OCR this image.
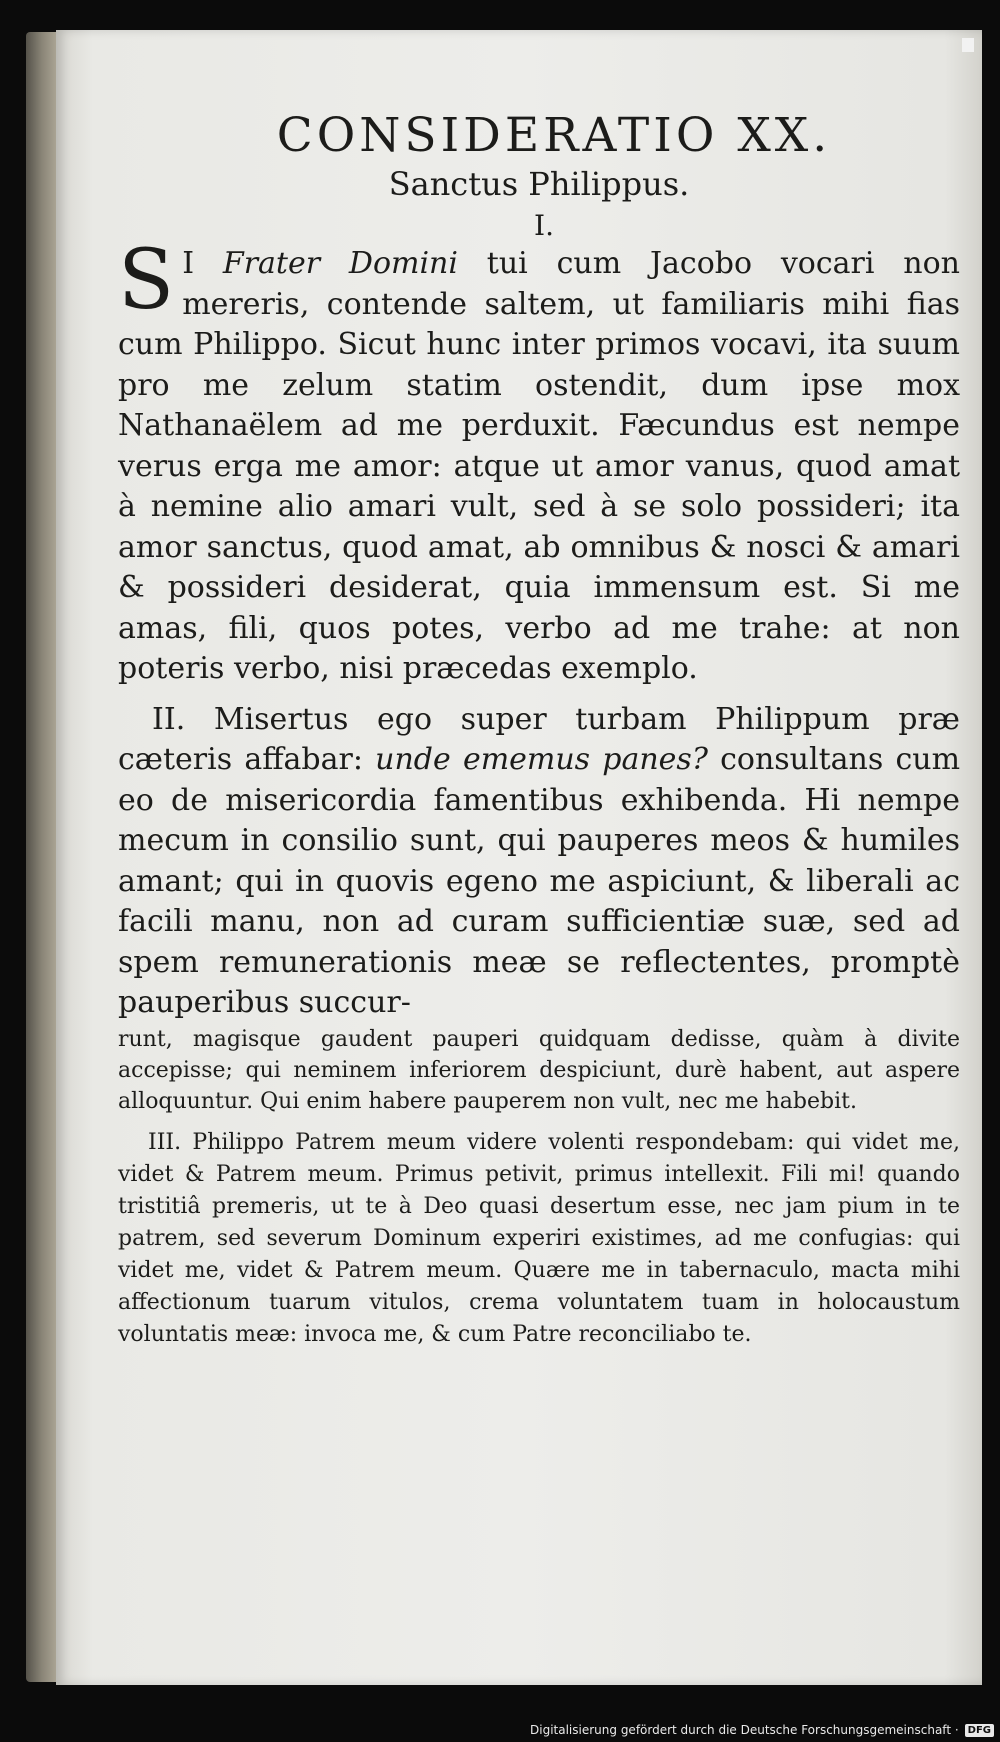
CONSIDERATIO XX.

Sanctus Philippus.

I.

S I Frater Domini tui cum Jacobo vocari non mereris, contende saltem, ut familiaris mihi fias cum Philippo. Sicut hunc inter primos vocavi, ita suum pro me zelum statim ostendit, dum ipse mox Nathanaëlem ad me perduxit. Fæcundus est nempe verus erga me amor: atque ut amor vanus, quod amat à nemine alio amari vult, sed à se solo possideri; ita amor sanctus, quod amat, ab omnibus & nosci & amari & possideri desiderat, quia immensum est. Si me amas, fili, quos potes, verbo ad me trahe: at non poteris verbo, nisi præcedas exemplo.

II. Misertus ego super turbam Philippum præ cæteris affabar: unde ememus panes? consultans cum eo de misericordia famentibus exhibenda. Hi nempe mecum in consilio sunt, qui pauperes meos & humiles amant; qui in quovis egeno me aspiciunt, & liberali ac facili manu, non ad curam sufficientiæ suæ, sed ad spem remunerationis meæ se reflectentes, promptè pauperibus succur-

runt, magisque gaudent pauperi quidquam dedisse, quàm à divite accepisse; qui neminem inferiorem despiciunt, durè habent, aut aspere alloquuntur. Qui enim habere pauperem non vult, nec me habebit.

III. Philippo Patrem meum videre volenti respondebam: qui videt me, videt & Patrem meum. Primus petivit, primus intellexit. Fili mi! quando tristitiâ premeris, ut te à Deo quasi desertum esse, nec jam pium in te patrem, sed severum Dominum experiri existimes, ad me confugias: qui videt me, videt & Patrem meum. Quære me in tabernaculo, macta mihi affectionum tuarum vitulos, crema voluntatem tuam in holocaustum voluntatis meæ: invoca me, & cum Patre reconciliabo te.

Digitalisierung gefördert durch die Deutsche Forschungsgemeinschaft · DFG
